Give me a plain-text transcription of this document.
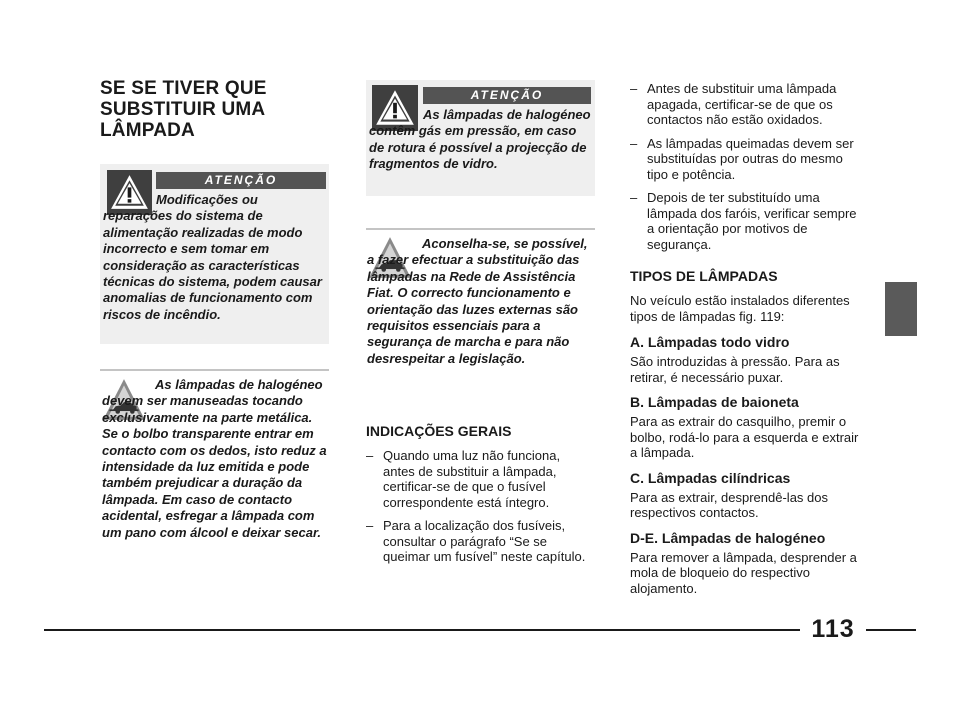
SE SE TIVER QUE SUBSTITUIR UMA LÂMPADA
ATENÇÃO
Modificações ou reparações do sistema de alimentação realizadas de modo incorrecto e sem tomar em consideração as características técnicas do sistema, podem causar anomalias de funcionamento com riscos de incêndio.
As lâmpadas de halogéneo devem ser manuseadas tocando exclusivamente na parte metálica. Se o bolbo transparente entrar em contacto com os dedos, isto reduz a intensidade da luz emitida e pode também prejudicar a duração da lâmpada. Em caso de contacto acidental, esfregar a lâmpada com um pano com álcool e deixar secar.
ATENÇÃO
As lâmpadas de halogéneo contêm gás em pressão, em caso de rotura é possível a projecção de fragmentos de vidro.
Aconselha-se, se possível, a fazer efectuar a substituição das lâmpadas na Rede de Assistência Fiat. O correcto funcionamento e orientação das luzes externas são requisitos essenciais para a segurança de marcha e para não desrespeitar a legislação.
INDICAÇÕES GERAIS
– Quando uma luz não funciona, antes de substituir a lâmpada, certificar-se de que o fusível correspondente está íntegro.
– Para a localização dos fusíveis, consultar o parágrafo “Se se queimar um fusível” neste capítulo.
– Antes de substituir uma lâmpada apagada, certificar-se de que os contactos não estão oxidados.
– As lâmpadas queimadas devem ser substituídas por outras do mesmo tipo e potência.
– Depois de ter substituído uma lâmpada dos faróis, verificar sempre a orientação por motivos de segurança.
TIPOS DE LÂMPADAS
No veículo estão instalados diferentes tipos de lâmpadas fig. 119:
A. Lâmpadas todo vidro
São introduzidas à pressão. Para as retirar, é necessário puxar.
B. Lâmpadas de baioneta
Para as extrair do casquilho, premir o bolbo, rodá-lo para a esquerda e extrair a lâmpada.
C. Lâmpadas cilíndricas
Para as extrair, desprendê-las dos respectivos contactos.
D-E. Lâmpadas de halogéneo
Para remover a lâmpada, desprender a mola de bloqueio do respectivo alojamento.
113
